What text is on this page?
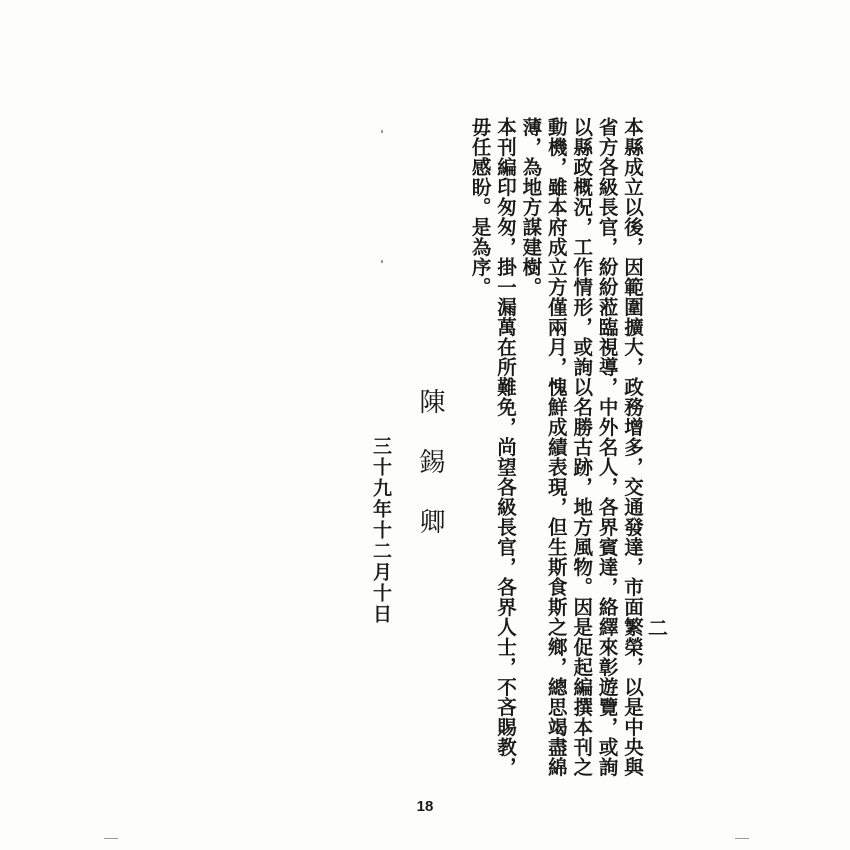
本縣成立以後，因範圍擴大，政務增多，交通發達，市面繁榮，以是中央與省方各級長官，紛紛蒞臨視導，中外名人，各界賓達，絡繹來彰遊覽，或詢以縣政概況，工作情形，或詢以名勝古跡，地方風物。因是促起編撰本刊之動機，雖本府成立方僅兩月，愧鮮成績表現，但生斯食斯之鄉，總思竭盡綿薄，為地方謀建樹。

本刊編印匆匆，掛一漏萬在所難免，尚望各級長官，各界人士，不吝賜教，毋任感盼。是為序。

二
陳錫卿
三十九年十二月十日
18
